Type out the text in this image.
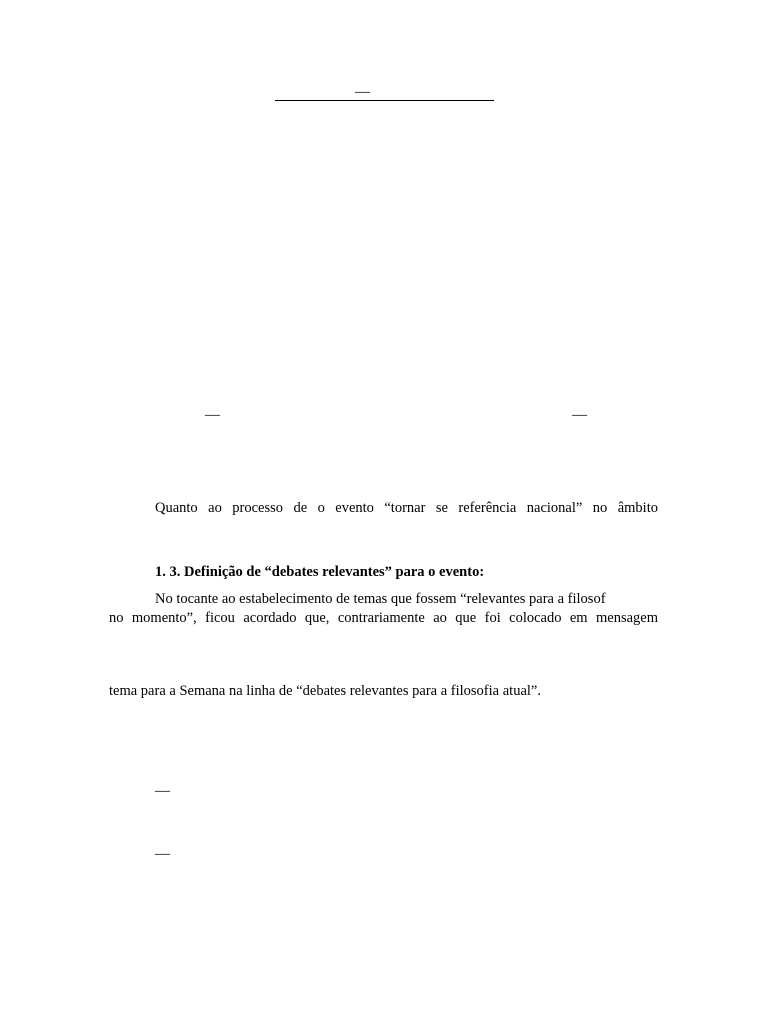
—
—	—
Quanto ao processo de o evento “tornar se referência nacional” no âmbito
1. 3. Definição de “debates relevantes” para o evento:
No tocante ao estabelecimento de temas que fossem “relevantes para a filosof
no momento”, ficou acordado que, contrariamente ao que foi colocado em mensagem
tema para a Semana na linha de “debates relevantes para a filosofia atual”.
—
—
